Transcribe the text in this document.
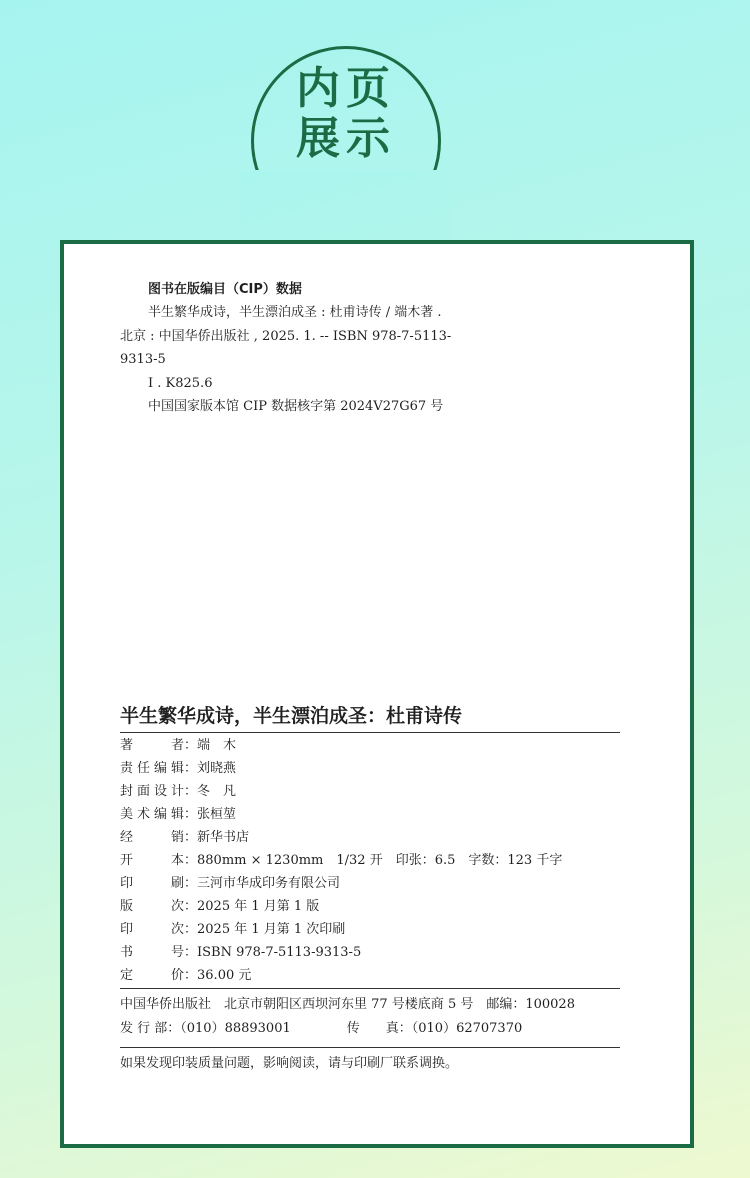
内页
展示
图书在版编目（CIP）数据
半生繁华成诗，半生漂泊成圣 : 杜甫诗传 / 端木著 .
北京 : 中国华侨出版社 , 2025. 1. -- ISBN 978-7-5113-
9313-5
Ⅰ . K825.6
中国国家版本馆 CIP 数据核字第 2024V27G67 号
半生繁华成诗，半生漂泊成圣：杜甫诗传
著者：端　木
责任编辑：刘晓燕
封面设计：冬　凡
美术编辑：张桓堃
经销：新华书店
开本：880mm × 1230mm　1/32 开　印张：6.5　字数：123 千字
印刷：三河市华成印务有限公司
版次：2025 年 1 月第 1 版
印次：2025 年 1 月第 1 次印刷
书号：ISBN 978-7-5113-9313-5
定价：36.00 元
中国华侨出版社　北京市朝阳区西坝河东里 77 号楼底商 5 号　邮编：100028
发 行 部：（010）88893001	传　　真：（010）62707370
如果发现印装质量问题，影响阅读，请与印刷厂联系调换。
